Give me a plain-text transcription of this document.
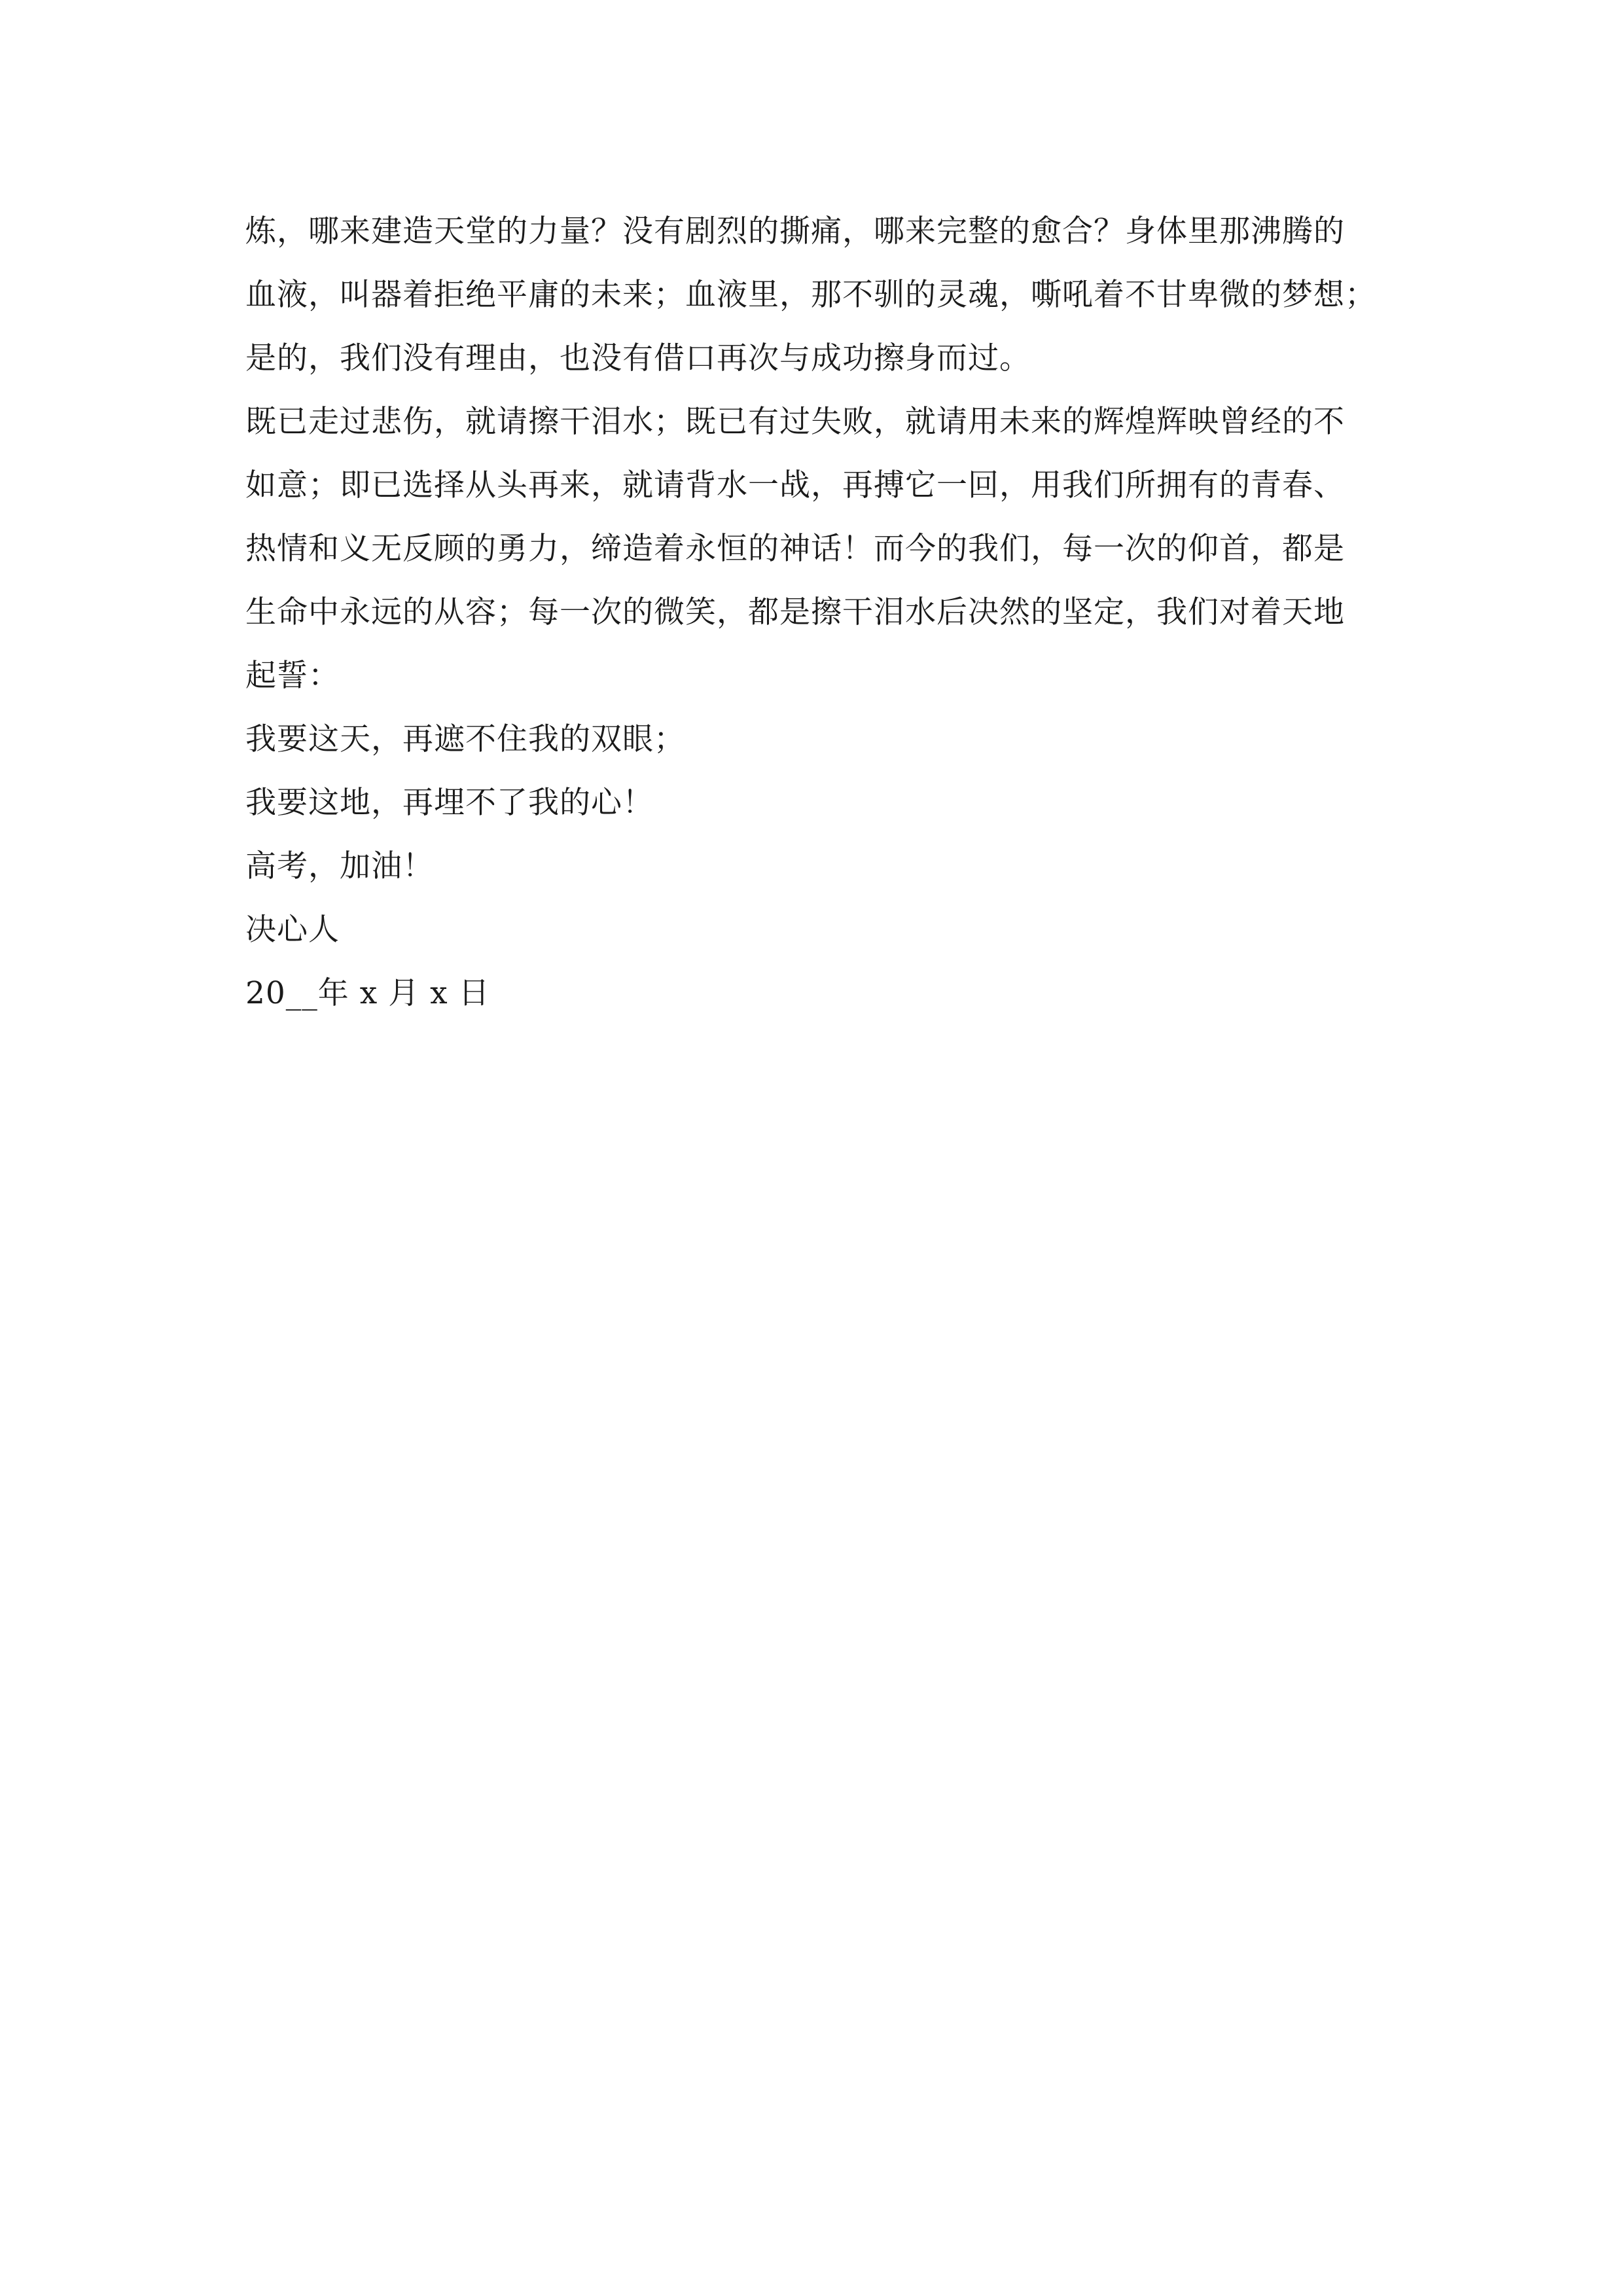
炼，哪来建造天堂的力量？没有剧烈的撕痛，哪来完整的愈合？身体里那沸腾的
血液，叫器着拒绝平庸的未来；血液里，那不驯的灵魂，嘶吼着不甘卑微的梦想；
是的，我们没有理由，也没有借口再次与成功擦身而过。
既已走过悲伤，就请擦干泪水；既已有过失败，就请用未来的辉煌辉映曾经的不
如意；即已选择从头再来，就请背水一战，再搏它一回，用我们所拥有的青春、
热情和义无反顾的勇力，缔造着永恒的神话！而今的我们，每一次的仰首，都是
生命中永远的从容；每一次的微笑，都是擦干泪水后决然的坚定，我们对着天地
起誓：
我要这天，再遮不住我的双眼；
我要这地，再埋不了我的心！
高考，加油！
决心人
20__年 x 月 x 日
